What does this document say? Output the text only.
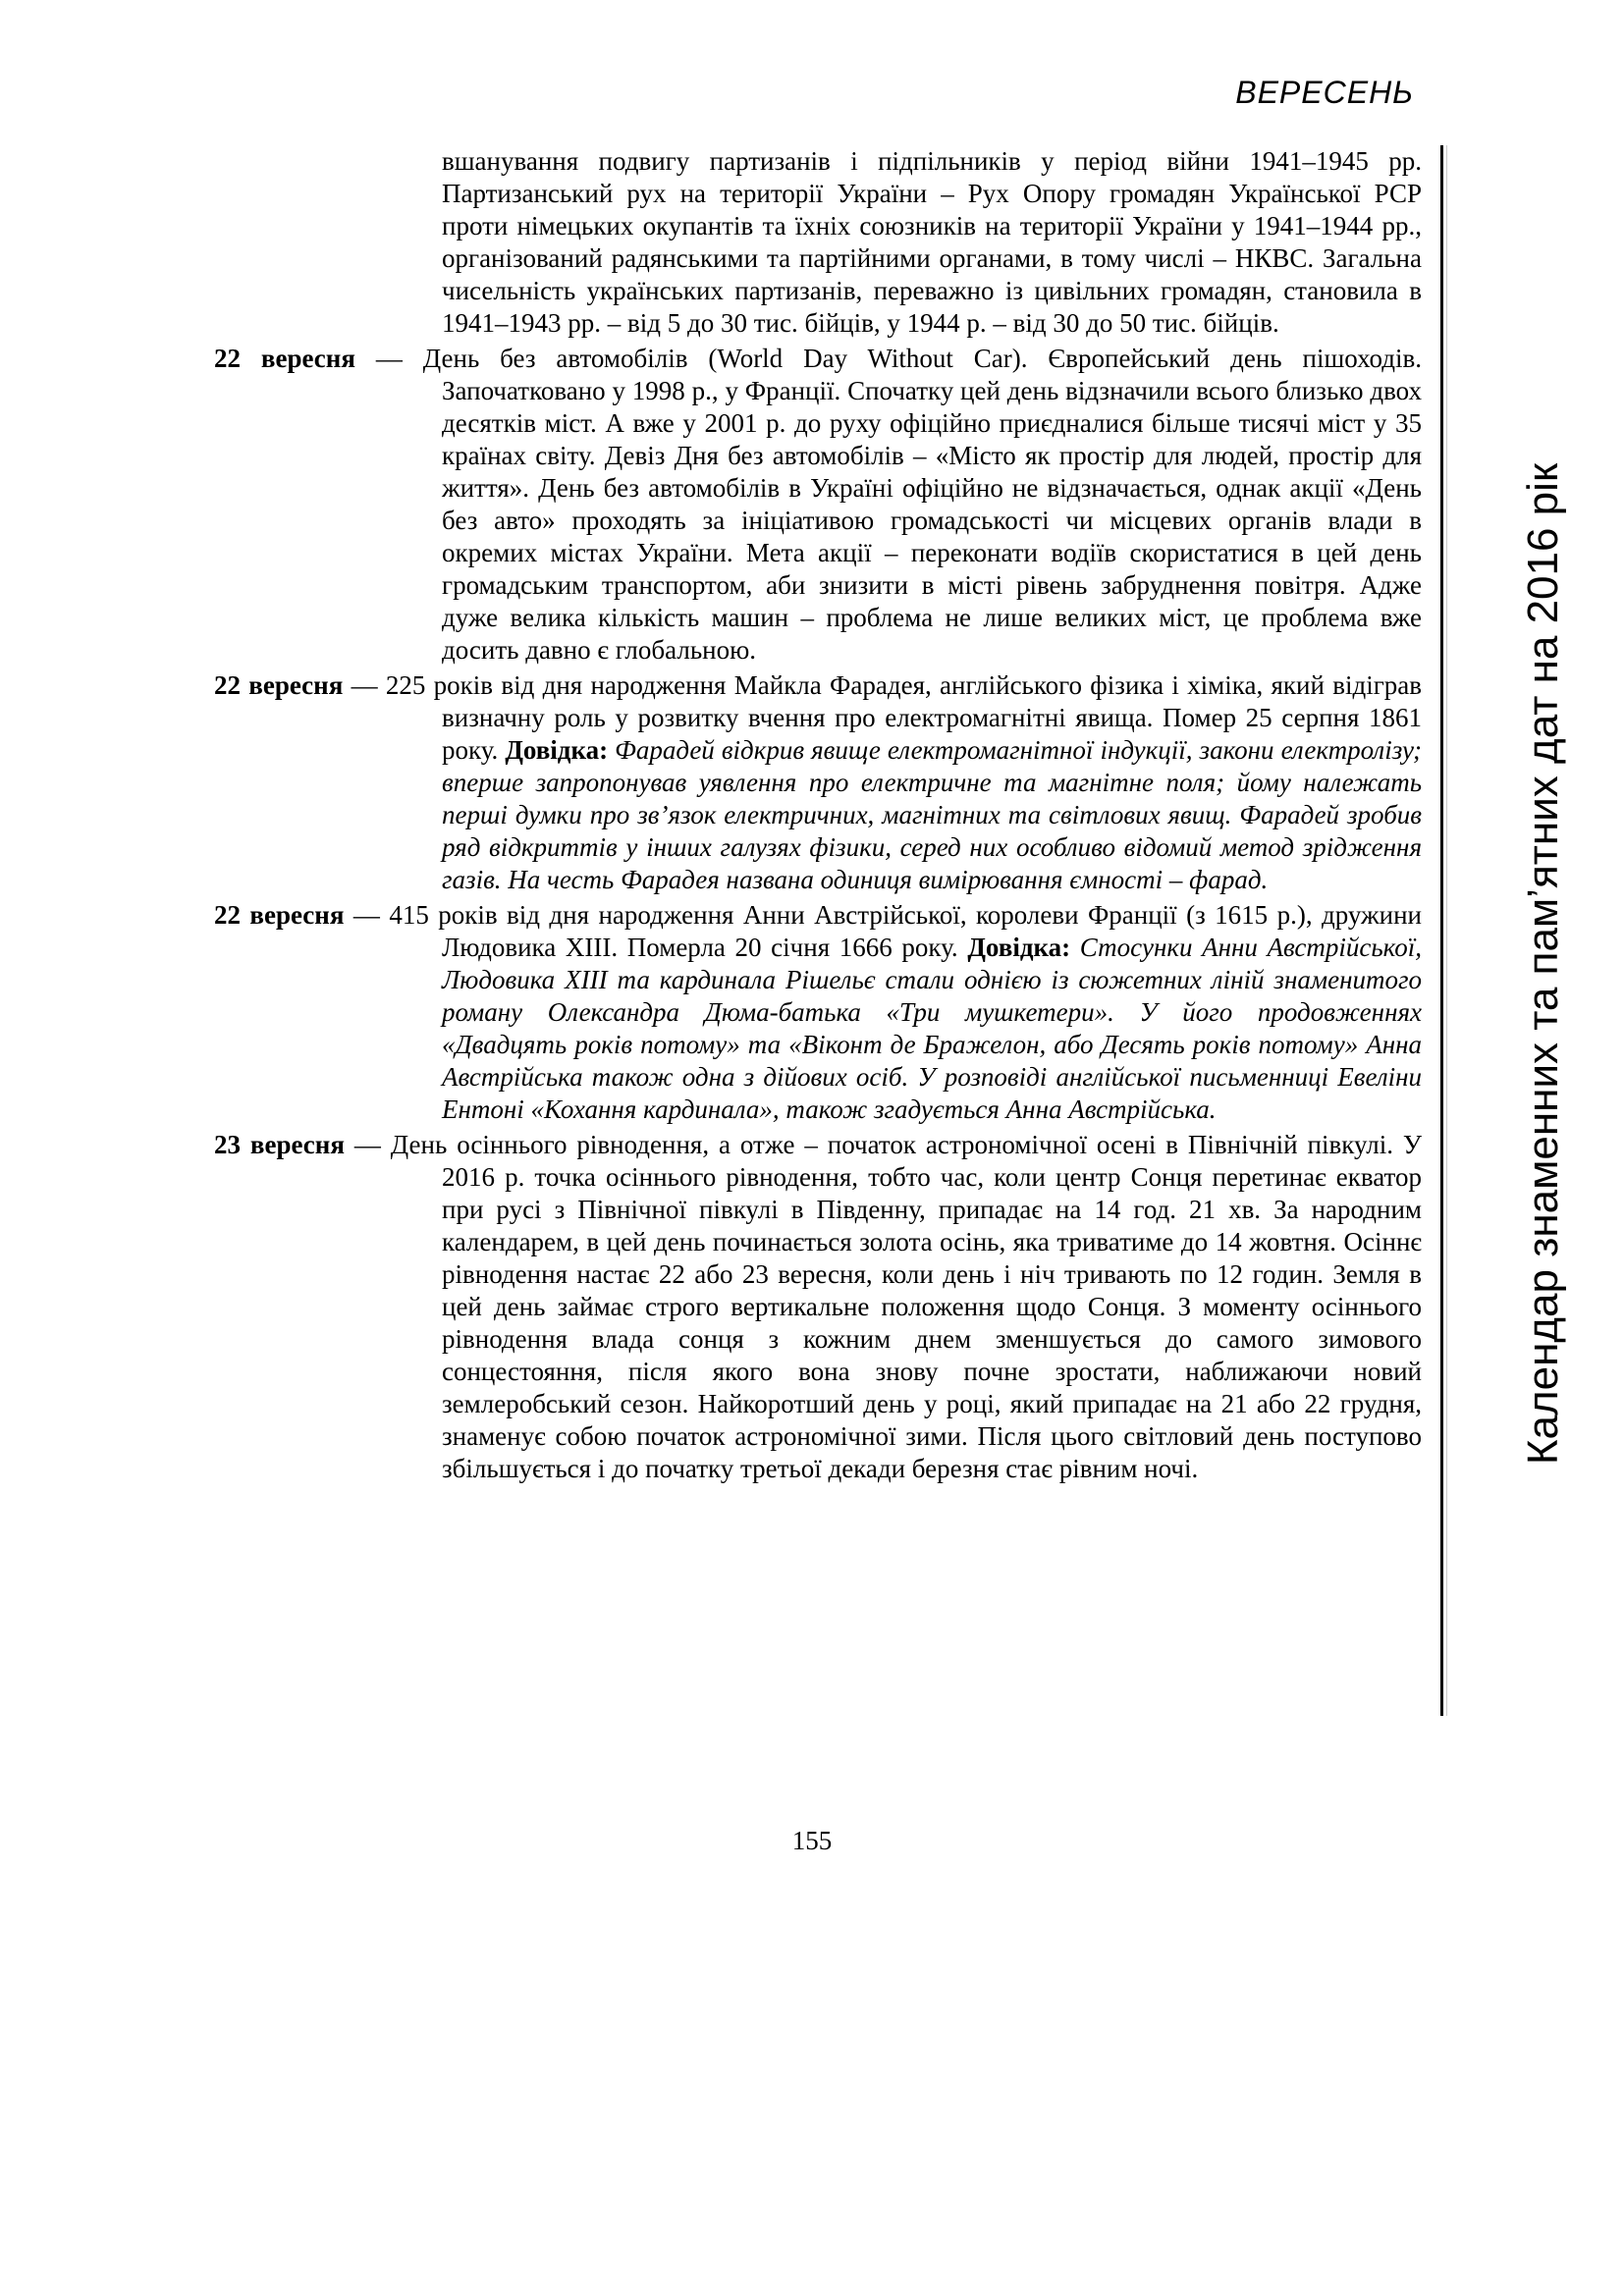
ВЕРЕСЕНЬ
Календар знаменних та пам’ятних дат на 2016 рік
вшанування подвигу партизанів і підпільників у період війни 1941–1945 рр. Партизанський рух на території України – Рух Опору громадян Української РСР проти німецьких окупантів та їхніх союзників на території України у 1941–1944 рр., організований радянськими та партійними органами, в тому числі – НКВС. Загальна чисельність українських партизанів, переважно із цивільних громадян, становила в 1941–1943 рр. – від 5 до 30 тис. бійців, у 1944 р. – від 30 до 50 тис. бійців.
22 вересня — День без автомобілів (World Day Without Car). Європейський день пішоходів. Започатковано у 1998 р., у Франції. Спочатку цей день відзначили всього близько двох десятків міст. А вже у 2001 р. до руху офіційно приєдналися більше тисячі міст у 35 країнах світу. Девіз Дня без автомобілів – «Місто як простір для людей, простір для життя». День без автомобілів в Україні офіційно не відзначається, однак акції «День без авто» проходять за ініціативою громадськості чи місцевих органів влади в окремих містах України. Мета акції – переконати водіїв скористатися в цей день громадським транспортом, аби знизити в місті рівень забруднення повітря. Адже дуже велика кількість машин – проблема не лише великих міст, це проблема вже досить давно є глобальною.
22 вересня — 225 років від дня народження Майкла Фарадея, англійського фізика і хіміка, який відіграв визначну роль у розвитку вчення про електромагнітні явища. Помер 25 серпня 1861 року. Довідка: Фарадей відкрив явище електромагнітної індукції, закони електролізу; вперше запропонував уявлення про електричне та магнітне поля; йому належать перші думки про зв’язок електричних, магнітних та світлових явищ. Фарадей зробив ряд відкриттів у інших галузях фізики, серед них особливо відомий метод зрідження газів. На честь Фарадея названа одиниця вимірювання ємності – фарад.
22 вересня — 415 років від дня народження Анни Австрійської, королеви Франції (з 1615 р.), дружини Людовика XIII. Померла 20 січня 1666 року. Довідка: Стосунки Анни Австрійської, Людовика XIII та кардинала Рішельє стали однією із сюжетних ліній знаменитого роману Олександра Дюма-батька «Три мушкетери». У його продовженнях «Двадцять років потому» та «Віконт де Бражелон, або Десять років потому» Анна Австрійська також одна з дійових осіб. У розповіді англійської письменниці Евеліни Ентоні «Кохання кардинала», також згадується Анна Австрійська.
23 вересня — День осіннього рівнодення, а отже – початок астрономічної осені в Північній півкулі. У 2016 р. точка осіннього рівнодення, тобто час, коли центр Сонця перетинає екватор при русі з Північної півкулі в Південну, припадає на 14 год. 21 хв. За народним календарем, в цей день починається золота осінь, яка триватиме до 14 жовтня. Осіннє рівнодення настає 22 або 23 вересня, коли день і ніч тривають по 12 годин. Земля в цей день займає строго вертикальне положення щодо Сонця. З моменту осіннього рівнодення влада сонця з кожним днем зменшується до самого зимового сонцестояння, після якого вона знову почне зростати, наближаючи новий землеробський сезон. Найкоротший день у році, який припадає на 21 або 22 грудня, знаменує собою початок астрономічної зими. Після цього світловий день поступово збільшується і до початку третьої декади березня стає рівним ночі.
155
